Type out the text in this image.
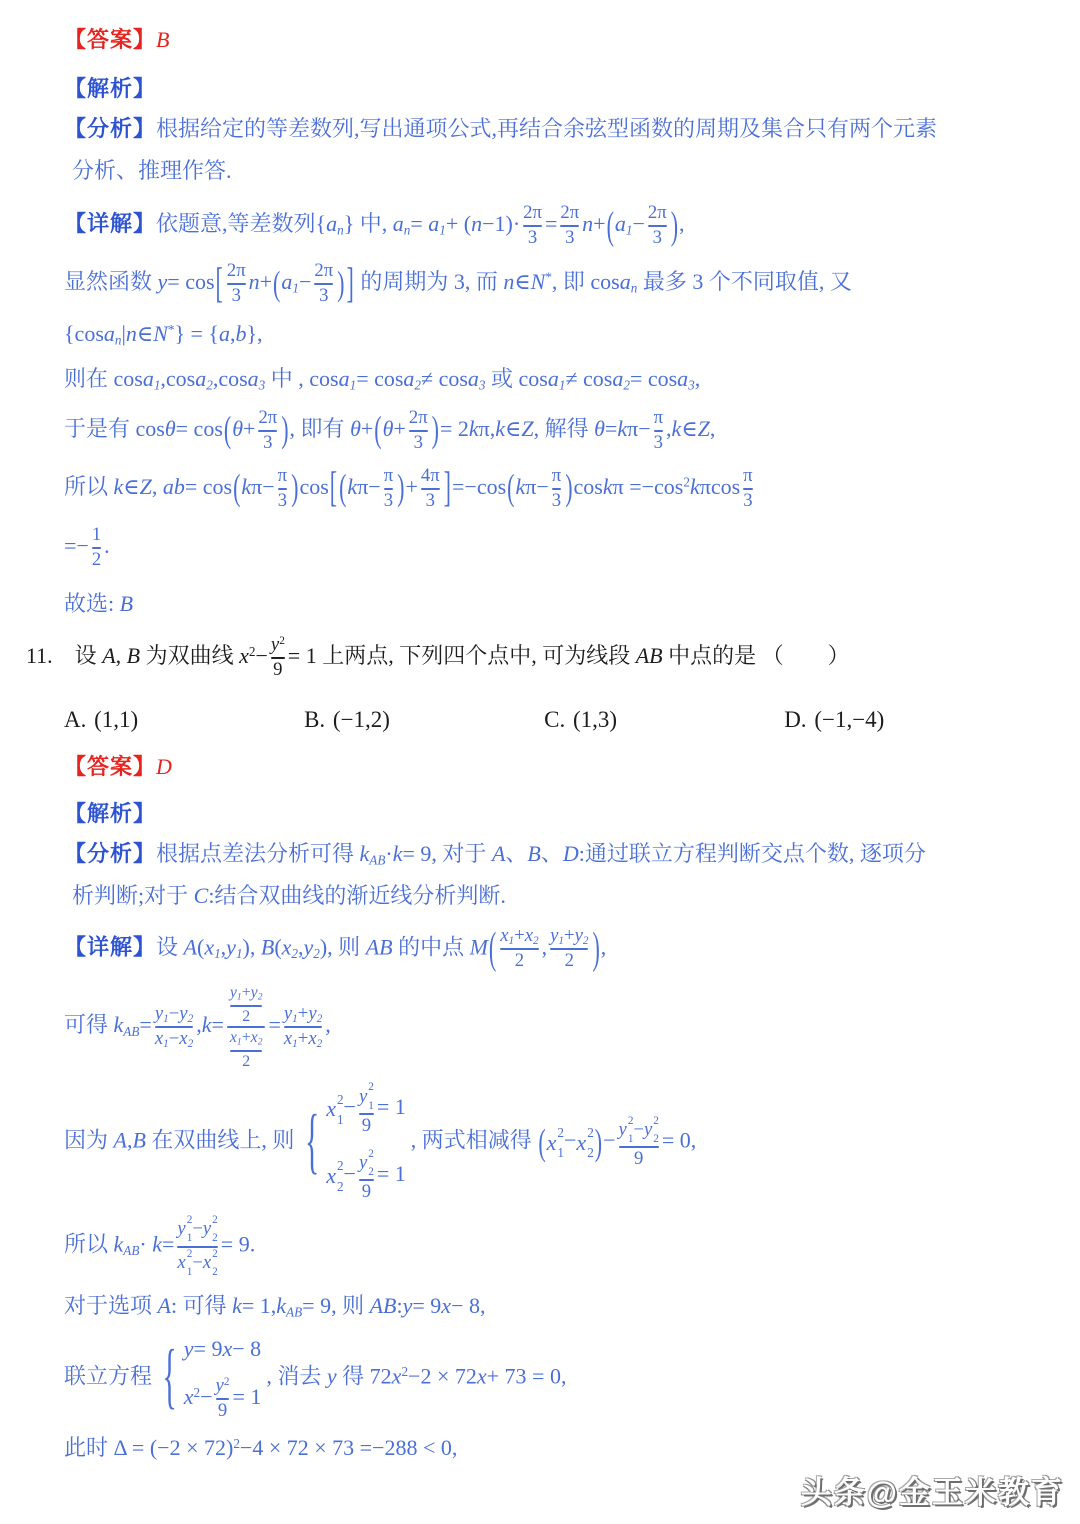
【答案】B
【解析】
【分析】根据给定的等差数列,写出通项公式,再结合余弦型函数的周期及集合只有两个元素
分析、推理作答.
【详解】依题意,等差数列$\{a_n\}$ 中, $a_n= a_1+ (n-1)\cdot \frac{2\pi}{3} = \frac{2\pi}{3} n+(a_1- \frac{2\pi}{3}$ ),
显然函数 $y= \cos[ \frac{2\pi}{3} n+(a_1- \frac{2\pi}{3}$ )] 的周期为 3, 而 n∈N*, 即 cosa$_n$ 最多 3 个不同取值, 又
{cosa$_n$|n∈N*} = {a,b},
则在 cosa$_1$,cosa$_2$,cosa$_3$ 中 , cosa$_1$= cosa$_2$≠ cosa$_3$ 或 cosa$_1$≠ cosa$_2$= cosa$_3$,
于是有 $\cos\theta= \cos(\theta+ \frac{2\pi}{3}$ ), 即有 $\theta+(\theta+ \frac{2\pi}{3}$ )= 2kπ,k∈Z, 解得 $\theta=k\pi- \frac{\pi}{3}$ ,k∈Z,
所以 k∈Z, $ab= \cos(k\pi- \frac{\pi}{3} )\cos[(k\pi- \frac{\pi}{3}$ )+ $\frac{4\pi}{3} ]=-\cos(k\pi- \frac{\pi}{3} )\cos k\pi =-\cos^2k\pi\cos \frac{\pi}{3}$
=− $\frac{1}{2}$ .
故选: B
11.　设 A, B 为双曲线 $x^2- \frac{y^2}{9} = 1$ 上两点, 下列四个点中, 可为线段 AB 中点的是 （　　）
A. (1,1)	B. (−1,2)	C. (1,3)	D. (−1,−4)
【答案】D
【解析】
【分析】根据点差法分析可得 $k_{AB}\cdot k= 9$, 对于 A、B、D:通过联立方程判断交点个数, 逐项分
析判断;对于 C:结合双曲线的渐近线分析判断.
【详解】设 $A(x_1,y_1)$, $B(x_2,y_2)$, 则 AB 的中点 $M( \frac{x_1+x_2}{2}$ , $\frac{y_1+y_2}{2}$ ),
可得 $k_{AB}= \frac{y_1-y_2}{x_1-x_2} ,k= \frac{\frac{y_1+y_2}{2}}{\frac{x_1+x_2}{2}} = \frac{y_1+y_2}{x_1+x_2}$ ,
因为 A,B 在双曲线上, 则 { x 2
1 − y 2
1
9 = 1
x 2
2 − y 2
2
9 = 1
, 两式相减得 ( x 2
1 − x 2
2 )− y 2
1 − y 2
2
9 = 0,
所以 $k_{AB}\cdot k= y$ 2
1 − y 2
2
x 2
1 − x 2
2 = 9.
对于选项 A: 可得 $k= 1,k_{AB}= 9$, 则 AB:y= 9x− 8,
联立方程 { y= 9x− 8
$x^2- \frac{y^2}{9} = 1$
, 消去 y 得 $72x^2-2 \times 72x+ 73 = 0$,
此时 $\Delta = (-2 \times 72)^2-4 \times 72 \times 73 =-288 < 0$,
头条@金玉米教育
